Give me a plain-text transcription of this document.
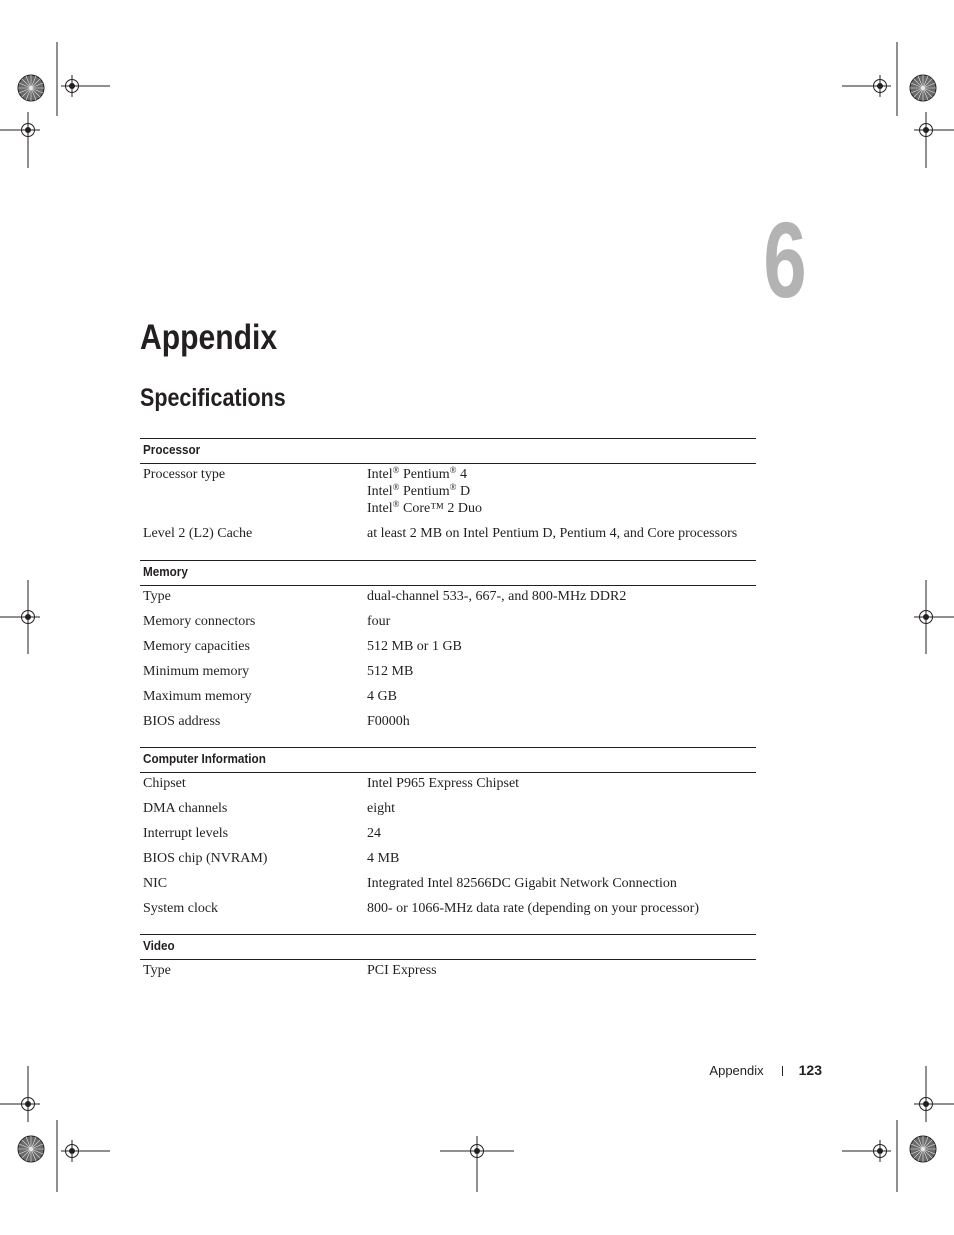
6
Appendix
Specifications
Processor
Processor type	Intel® Pentium® 4
Intel® Pentium® D
Intel® Core™ 2 Duo
Level 2 (L2) Cache	at least 2 MB on Intel Pentium D, Pentium 4, and Core processors
Memory
Type	dual-channel 533-, 667-, and 800-MHz DDR2
Memory connectors	four
Memory capacities	512 MB or 1 GB
Minimum memory	512 MB
Maximum memory	4 GB
BIOS address	F0000h
Computer Information
Chipset	Intel P965 Express Chipset
DMA channels	eight
Interrupt levels	24
BIOS chip (NVRAM)	4 MB
NIC	Integrated Intel 82566DC Gigabit Network Connection
System clock	800- or 1066-MHz data rate (depending on your processor)
Video
Type	PCI Express
Appendix	123
